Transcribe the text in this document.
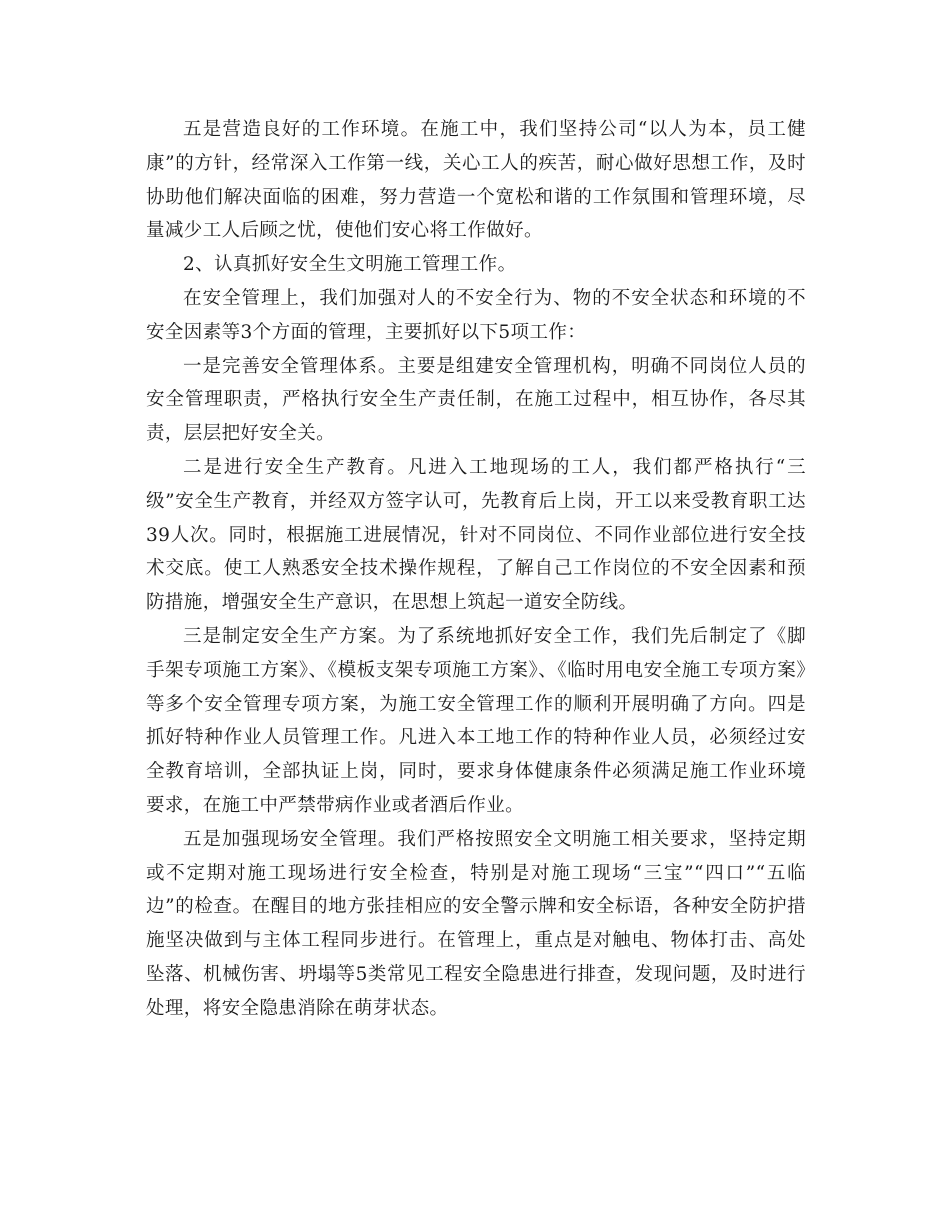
五是营造良好的工作环境。在施工中，我们坚持公司“以人为本，员工健康”的方针，经常深入工作第一线，关心工人的疾苦，耐心做好思想工作，及时协助他们解决面临的困难，努力营造一个宽松和谐的工作氛围和管理环境，尽量减少工人后顾之忧，使他们安心将工作做好。

2、认真抓好安全生文明施工管理工作。

在安全管理上，我们加强对人的不安全行为、物的不安全状态和环境的不安全因素等3个方面的管理，主要抓好以下5项工作：

一是完善安全管理体系。主要是组建安全管理机构，明确不同岗位人员的安全管理职责，严格执行安全生产责任制，在施工过程中，相互协作，各尽其责，层层把好安全关。

二是进行安全生产教育。凡进入工地现场的工人，我们都严格执行“三级”安全生产教育，并经双方签字认可，先教育后上岗，开工以来受教育职工达39人次。同时，根据施工进展情况，针对不同岗位、不同作业部位进行安全技术交底。使工人熟悉安全技术操作规程，了解自己工作岗位的不安全因素和预防措施，增强安全生产意识，在思想上筑起一道安全防线。

三是制定安全生产方案。为了系统地抓好安全工作，我们先后制定了《脚手架专项施工方案》、《模板支架专项施工方案》、《临时用电安全施工专项方案》等多个安全管理专项方案，为施工安全管理工作的顺利开展明确了方向。四是抓好特种作业人员管理工作。凡进入本工地工作的特种作业人员，必须经过安全教育培训，全部执证上岗，同时，要求身体健康条件必须满足施工作业环境要求，在施工中严禁带病作业或者酒后作业。

五是加强现场安全管理。我们严格按照安全文明施工相关要求，坚持定期或不定期对施工现场进行安全检查，特别是对施工现场“三宝”“四口”“五临边”的检查。在醒目的地方张挂相应的安全警示牌和安全标语，各种安全防护措施坚决做到与主体工程同步进行。在管理上，重点是对触电、物体打击、高处坠落、机械伤害、坍塌等5类常见工程安全隐患进行排查，发现问题，及时进行处理，将安全隐患消除在萌芽状态。
